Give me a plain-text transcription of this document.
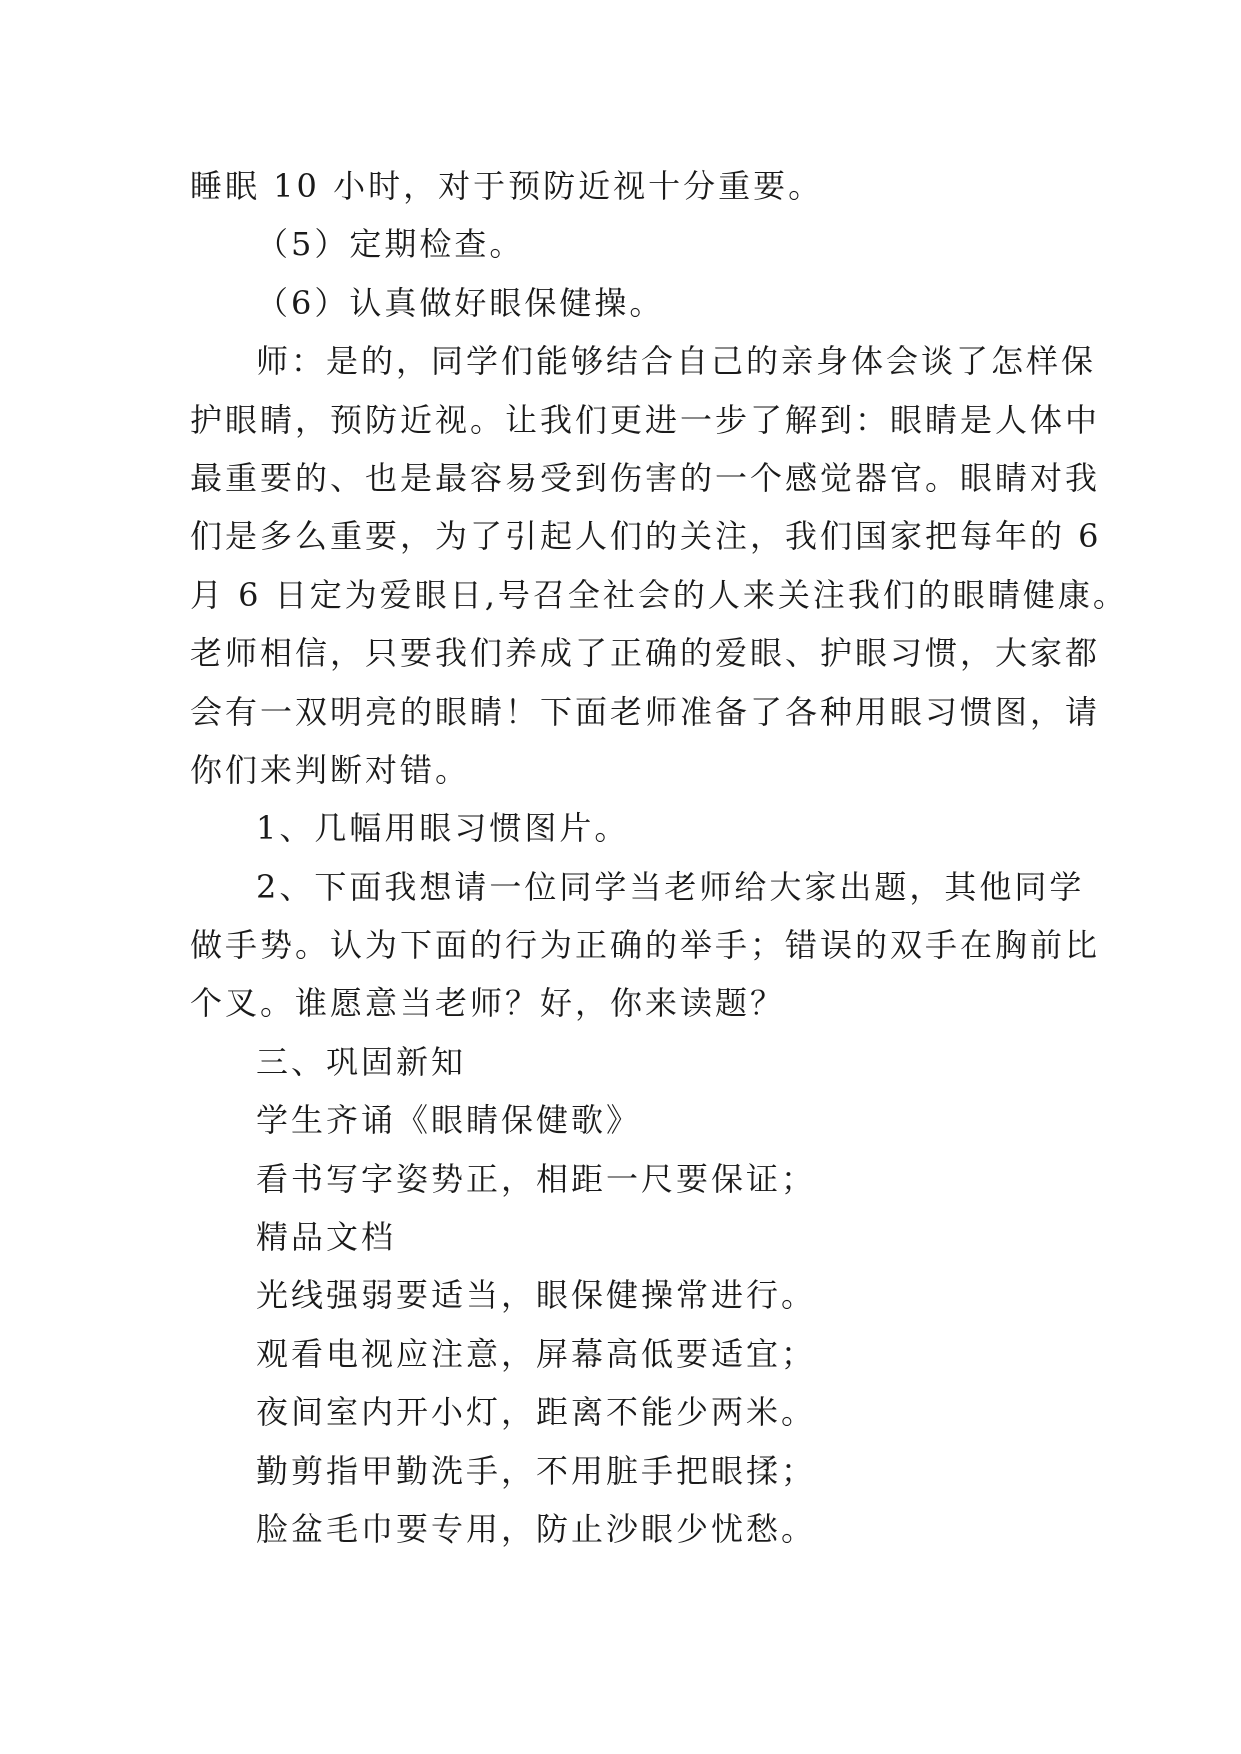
睡眠 10 小时，对于预防近视十分重要。
（5）定期检查。
（6）认真做好眼保健操。
师：是的，同学们能够结合自己的亲身体会谈了怎样保
护眼睛，预防近视。让我们更进一步了解到：眼睛是人体中
最重要的、也是最容易受到伤害的一个感觉器官。眼睛对我
们是多么重要，为了引起人们的关注，我们国家把每年的 6
月 6 日定为爱眼日,号召全社会的人来关注我们的眼睛健康。
老师相信，只要我们养成了正确的爱眼、护眼习惯，大家都
会有一双明亮的眼睛！下面老师准备了各种用眼习惯图，请
你们来判断对错。
1、几幅用眼习惯图片。
2、下面我想请一位同学当老师给大家出题，其他同学
做手势。认为下面的行为正确的举手；错误的双手在胸前比
个叉。谁愿意当老师？好，你来读题？
三、巩固新知
学生齐诵《眼睛保健歌》
看书写字姿势正，相距一尺要保证；
精品文档
光线强弱要适当，眼保健操常进行。
观看电视应注意，屏幕高低要适宜；
夜间室内开小灯，距离不能少两米。
勤剪指甲勤洗手，不用脏手把眼揉；
脸盆毛巾要专用，防止沙眼少忧愁。
